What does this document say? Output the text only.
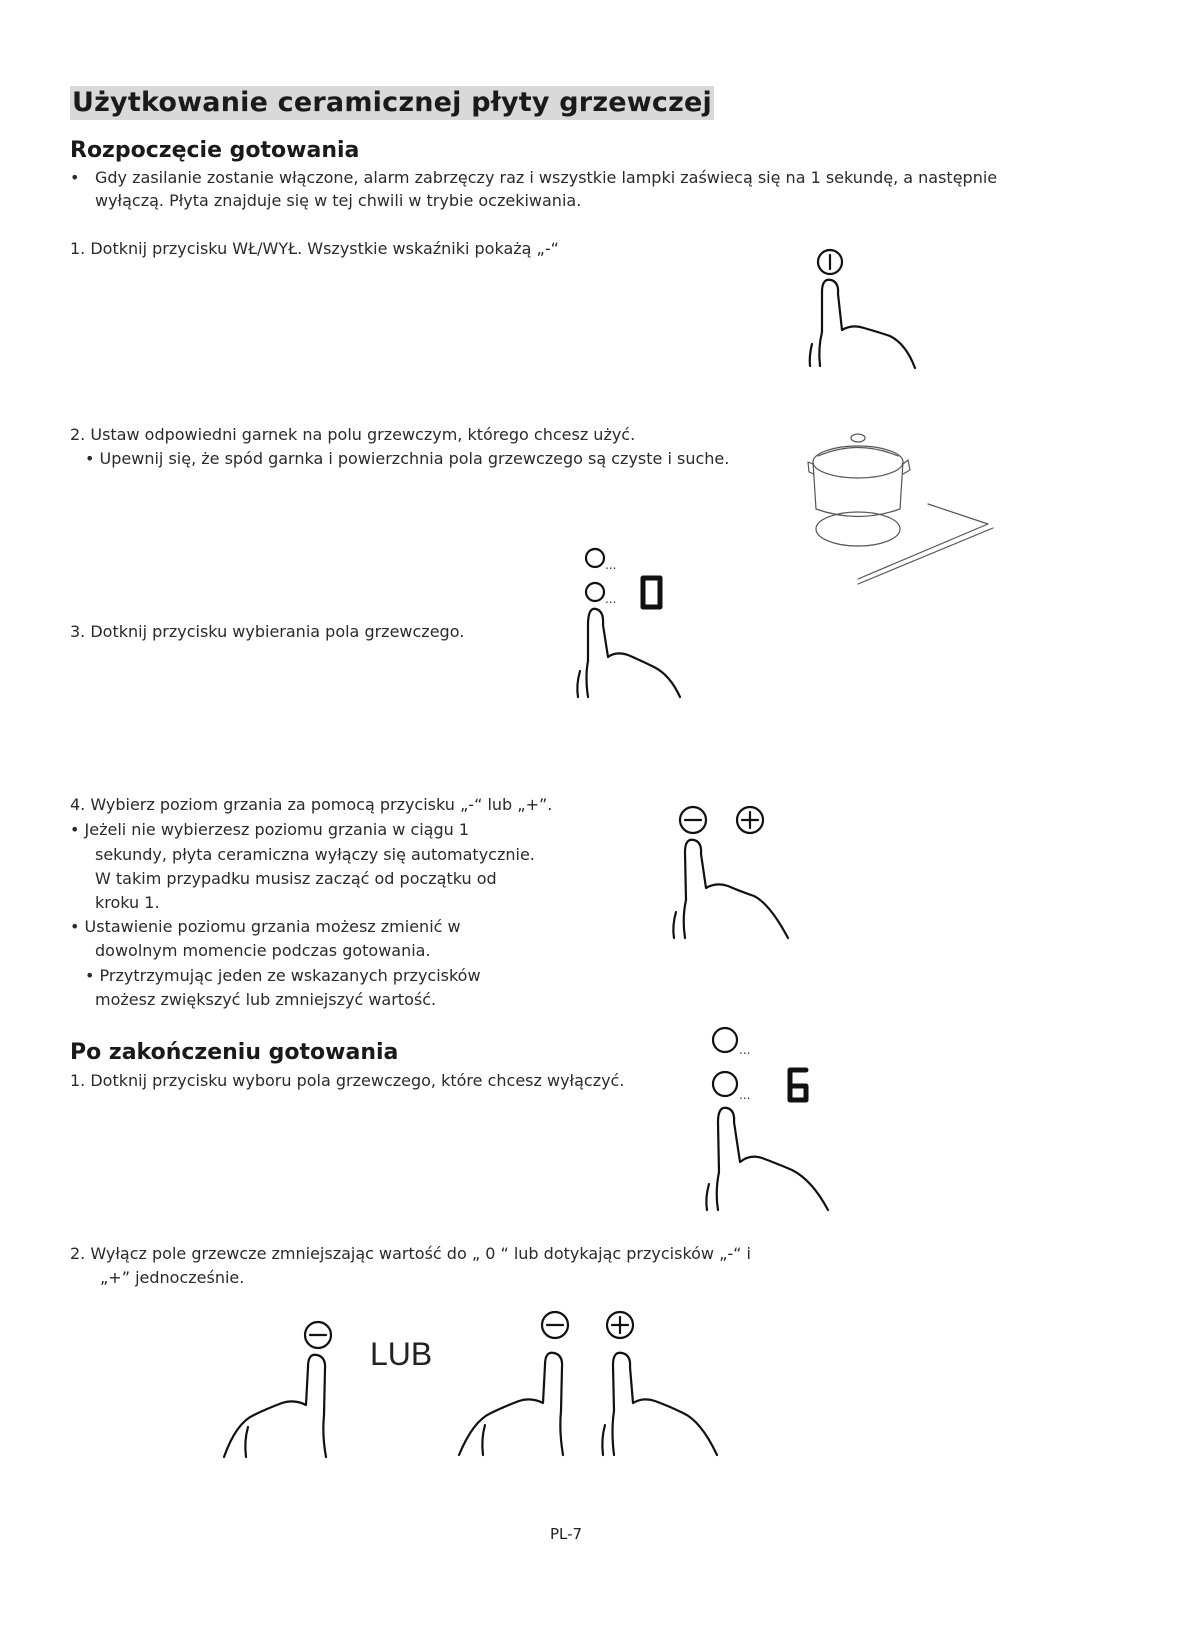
Użytkowanie ceramicznej płyty grzewczej
Rozpoczęcie gotowania
• Gdy zasilanie zostanie włączone, alarm zabrzęczy raz i wszystkie lampki zaświecą się na 1 sekundę, a następnie
wyłączą. Płyta znajduje się w tej chwili w trybie oczekiwania.
1. Dotknij przycisku WŁ/WYŁ. Wszystkie wskaźniki pokażą „-“
2. Ustaw odpowiedni garnek na polu grzewczym, którego chcesz użyć.
• Upewnij się, że spód garnka i powierzchnia pola grzewczego są czyste i suche.
3. Dotknij przycisku wybierania pola grzewczego.
...
...
4. Wybierz poziom grzania za pomocą przycisku „-“ lub „+”.
• Jeżeli nie wybierzesz poziomu grzania w ciągu 1
sekundy, płyta ceramiczna wyłączy się automatycznie.
W takim przypadku musisz zacząć od początku od
kroku 1.
• Ustawienie poziomu grzania możesz zmienić w
dowolnym momencie podczas gotowania.
• Przytrzymując jeden ze wskazanych przycisków
możesz zwiększyć lub zmniejszyć wartość.
Po zakończeniu gotowania
1. Dotknij przycisku wyboru pola grzewczego, które chcesz wyłączyć.
...
...
2. Wyłącz pole grzewcze zmniejszając wartość do „ 0 “ lub dotykając przycisków „-“ i
„+” jednocześnie.
LUB
PL-7
